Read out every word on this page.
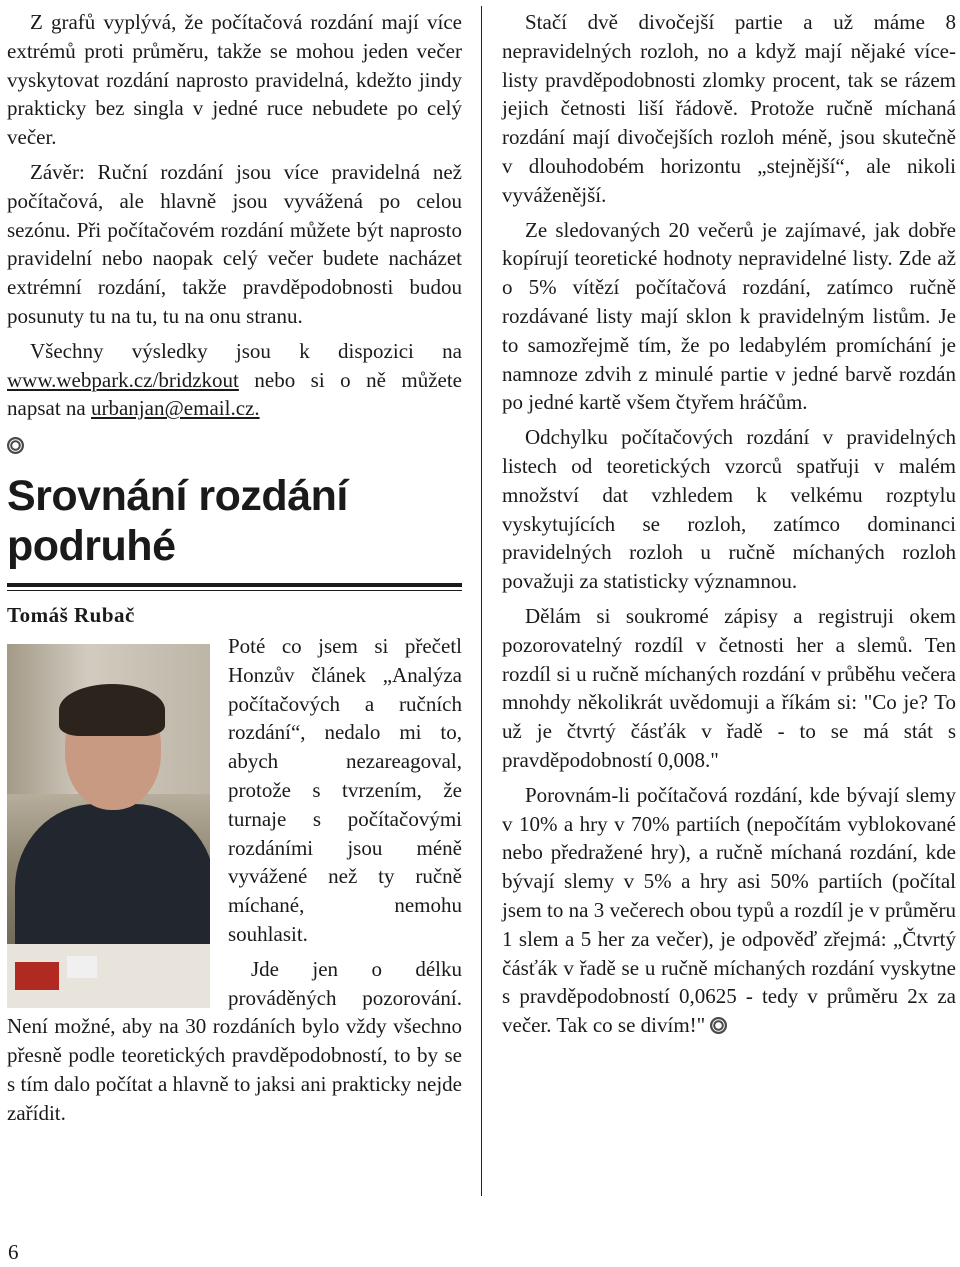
Z grafů vyplývá, že počítačová rozdání mají více extrémů proti průměru, takže se mohou jeden večer vyskytovat rozdání naprosto pravidelná, kdežto jindy prakticky bez singla v jedné ruce nebudete po celý večer.

Závěr: Ruční rozdání jsou více pravidelná než počítačová, ale hlavně jsou vyvážená po celou sezónu. Při počítačovém rozdání můžete být naprosto pravidelní nebo naopak celý večer budete nacházet extrémní rozdání, takže pravděpodobnosti budou posunuty tu na tu, tu na onu stranu.

Všechny výsledky jsou k dispozici na www.webpark.cz/bridzkout nebo si o ně můžete napsat na urbanjan@email.cz.

Srovnání rozdání
podruhé
Tomáš Rubač

Poté co jsem si přečetl Honzův článek „Analýza počítačových a ručních rozdání“, nedalo mi to, abych nezareagoval, protože s tvrzením, že turnaje s počítačovými rozdáními jsou méně vyvážené než ty ručně míchané, nemohu souhlasit.

Jde jen o délku prováděných pozorování. Není možné, aby na 30 rozdáních bylo vždy všechno přesně podle teoretických pravděpodobností, to by se s tím dalo počítat a hlavně to jaksi ani prakticky nejde zařídit.

Stačí dvě divočejší partie a už máme 8 nepravidelných rozloh, no a když mají nějaké více-listy pravděpodobnosti zlomky procent, tak se rázem jejich četnosti liší řádově. Protože ručně míchaná rozdání mají divočejších rozloh méně, jsou skutečně v dlouhodobém horizontu „stejnější“, ale nikoli vyváženější.

Ze sledovaných 20 večerů je zajímavé, jak dobře kopírují teoretické hodnoty nepravidelné listy. Zde až o 5% vítězí počítačová rozdání, zatímco ručně rozdávané listy mají sklon k pravidelným listům. Je to samozřejmě tím, že po ledabylém promíchání je namnoze zdvih z minulé partie v jedné barvě rozdán po jedné kartě všem čtyřem hráčům.

Odchylku počítačových rozdání v pravidelných listech od teoretických vzorců spatřuji v malém množství dat vzhledem k velkému rozptylu vyskytujících se rozloh, zatímco dominanci pravidelných rozloh u ručně míchaných rozloh považuji za statisticky významnou.

Dělám si soukromé zápisy a registruji okem pozorovatelný rozdíl v četnosti her a slemů. Ten rozdíl si u ručně míchaných rozdání v průběhu večera mnohdy několikrát uvědomuji a říkám si: "Co je? To už je čtvrtý čásťák v řadě - to se má stát s pravděpodobností 0,008."

Porovnám-li počítačová rozdání, kde bývají slemy v 10% a hry v 70% partiích (nepočítám vyblokované nebo předražené hry), a ručně míchaná rozdání, kde bývají slemy v 5% a hry asi 50% partiích (počítal jsem to na 3 večerech obou typů a rozdíl je v průměru 1 slem a 5 her za večer), je odpověď zřejmá: „Čtvrtý čásťák v řadě se u ručně míchaných rozdání vyskytne s pravděpodobností 0,0625 - tedy v průměru 2x za večer. Tak co se divím!"

6
